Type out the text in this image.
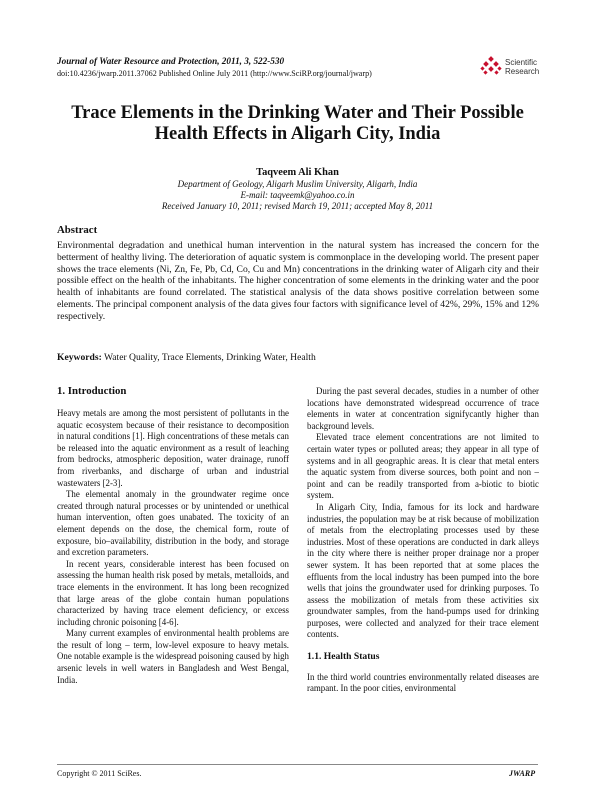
Journal of Water Resource and Protection, 2011, 3, 522-530
doi:10.4236/jwarp.2011.37062 Published Online July 2011 (http://www.SciRP.org/journal/jwarp)
Scientific
Research
Trace Elements in the Drinking Water and Their Possible
Health Effects in Aligarh City, India
Taqveem Ali Khan
Department of Geology, Aligarh Muslim University, Aligarh, India
E-mail: taqveemk@yahoo.co.in
Received January 10, 2011; revised March 19, 2011; accepted May 8, 2011
Abstract
Environmental degradation and unethical human intervention in the natural system has increased the concern for the betterment of healthy living. The deterioration of aquatic system is commonplace in the developing world. The present paper shows the trace elements (Ni, Zn, Fe, Pb, Cd, Co, Cu and Mn) concentrations in the drinking water of Aligarh city and their possible effect on the health of the inhabitants. The higher concentration of some elements in the drinking water and the poor health of inhabitants are found correlated. The statistical analysis of the data shows positive correlation between some elements. The principal component analysis of the data gives four factors with significance level of 42%, 29%, 15% and 12% respectively.
Keywords: Water Quality, Trace Elements, Drinking Water, Health
1. Introduction

Heavy metals are among the most persistent of pollutants in the aquatic ecosystem because of their resistance to decomposition in natural conditions [1]. High concentrations of these metals can be released into the aquatic environment as a result of leaching from bedrocks, atmospheric deposition, water drainage, runoff from riverbanks, and discharge of urban and industrial wastewaters [2-3].

The elemental anomaly in the groundwater regime once created through natural processes or by unintended or unethical human intervention, often goes unabated. The toxicity of an element depends on the dose, the chemical form, route of exposure, bio–availability, distribution in the body, and storage and excretion parameters.

In recent years, considerable interest has been focused on assessing the human health risk posed by metals, metalloids, and trace elements in the environment. It has long been recognized that large areas of the globe contain human populations characterized by having trace element deficiency, or excess including chronic poisoning [4-6].

Many current examples of environmental health problems are the result of long – term, low-level exposure to heavy metals. One notable example is the widespread poisoning caused by high arsenic levels in well waters in Bangladesh and West Bengal, India.

During the past several decades, studies in a number of other locations have demonstrated widespread occurrence of trace elements in water at concentration signifycantly higher than background levels.

Elevated trace element concentrations are not limited to certain water types or polluted areas; they appear in all type of systems and in all geographic areas. It is clear that metal enters the aquatic system from diverse sources, both point and non – point and can be readily transported from a-biotic to biotic system.

In Aligarh City, India, famous for its lock and hardware industries, the population may be at risk because of mobilization of metals from the electroplating processes used by these industries. Most of these operations are conducted in dark alleys in the city where there is neither proper drainage nor a proper sewer system. It has been reported that at some places the effluents from the local industry has been pumped into the bore wells that joins the groundwater used for drinking purposes. To assess the mobilization of metals from these activities six groundwater samples, from the hand-pumps used for drinking purposes, were collected and analyzed for their trace element contents.

1.1. Health Status

In the third world countries environmentally related diseases are rampant. In the poor cities, environmental

Copyright © 2011 SciRes.	JWARP
